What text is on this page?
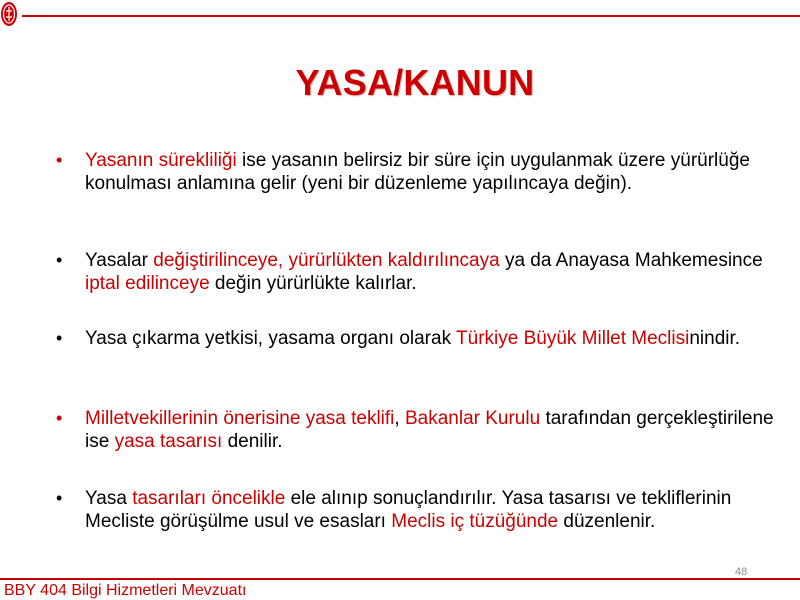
YASA/KANUN
• Yasanın sürekliliği ise yasanın belirsiz bir süre için uygulanmak üzere yürürlüğe konulması anlamına gelir (yeni bir düzenleme yapılıncaya değin).
• Yasalar değiştirilinceye, yürürlükten kaldırılıncaya ya da Anayasa Mahkemesince iptal edilinceye değin yürürlükte kalırlar.
• Yasa çıkarma yetkisi, yasama organı olarak Türkiye Büyük Millet Meclisinindir.
• Milletvekillerinin önerisine yasa teklifi, Bakanlar Kurulu tarafından gerçekleştirilene ise yasa tasarısı denilir.
• Yasa tasarıları öncelikle ele alınıp sonuçlandırılır. Yasa tasarısı ve tekliflerinin Mecliste görüşülme usul ve esasları Meclis iç tüzüğünde düzenlenir.
48
BBY 404 Bilgi Hizmetleri Mevzuatı
